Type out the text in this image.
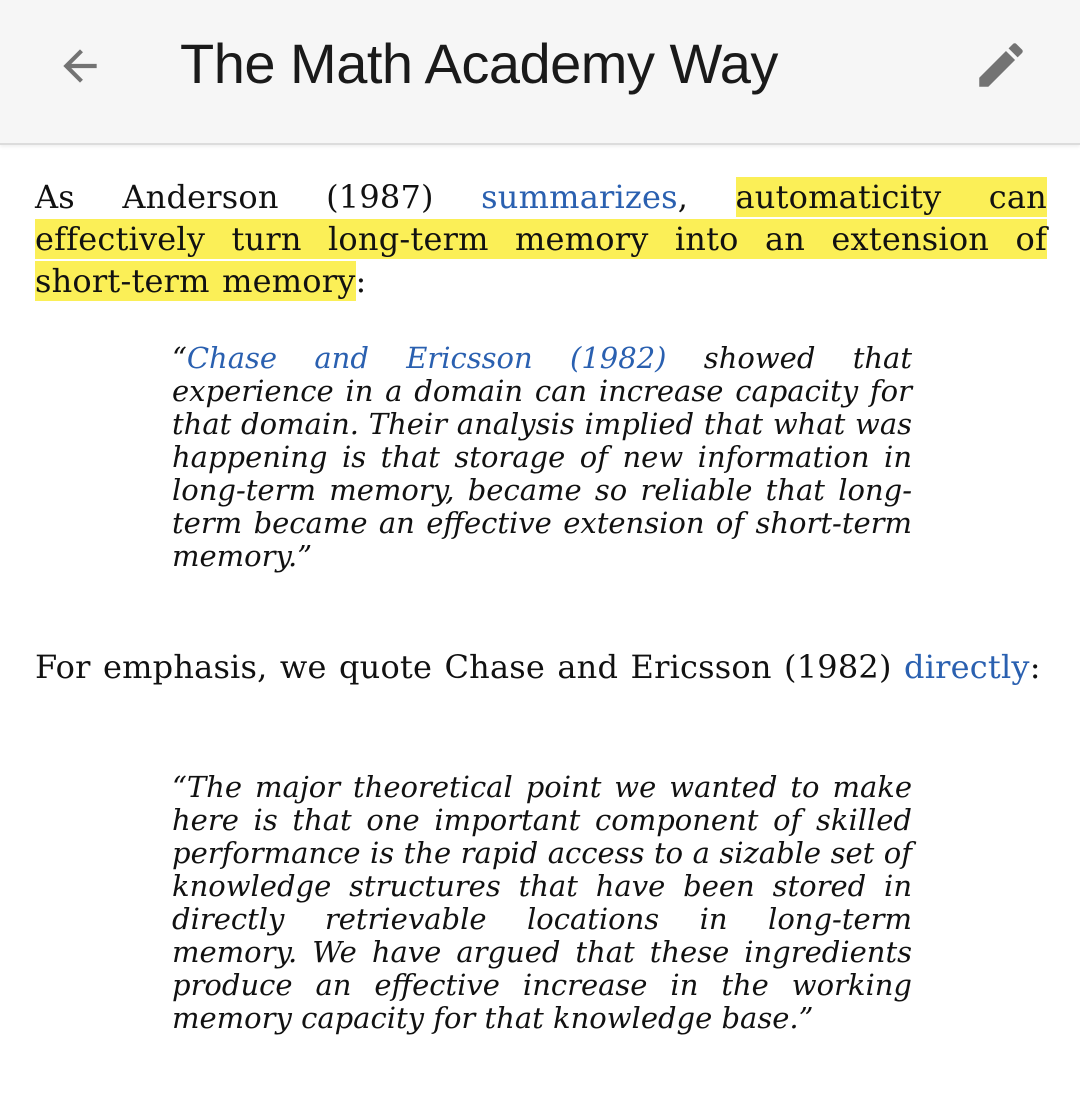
The Math Academy Way

As Anderson (1987) summarizes, automaticity can effectively turn long-term memory into an extension of short-term memory:

“Chase and Ericsson (1982) showed that experience in a domain can increase capacity for that domain. Their analysis implied that what was happening is that storage of new information in long-term memory, became so reliable that long-term became an effective extension of short-term memory.”

For emphasis, we quote Chase and Ericsson (1982) directly:

“The major theoretical point we wanted to make here is that one important component of skilled performance is the rapid access to a sizable set of knowledge structures that have been stored in directly retrievable locations in long-term memory. We have argued that these ingredients produce an effective increase in the working memory capacity for that knowledge base.”
